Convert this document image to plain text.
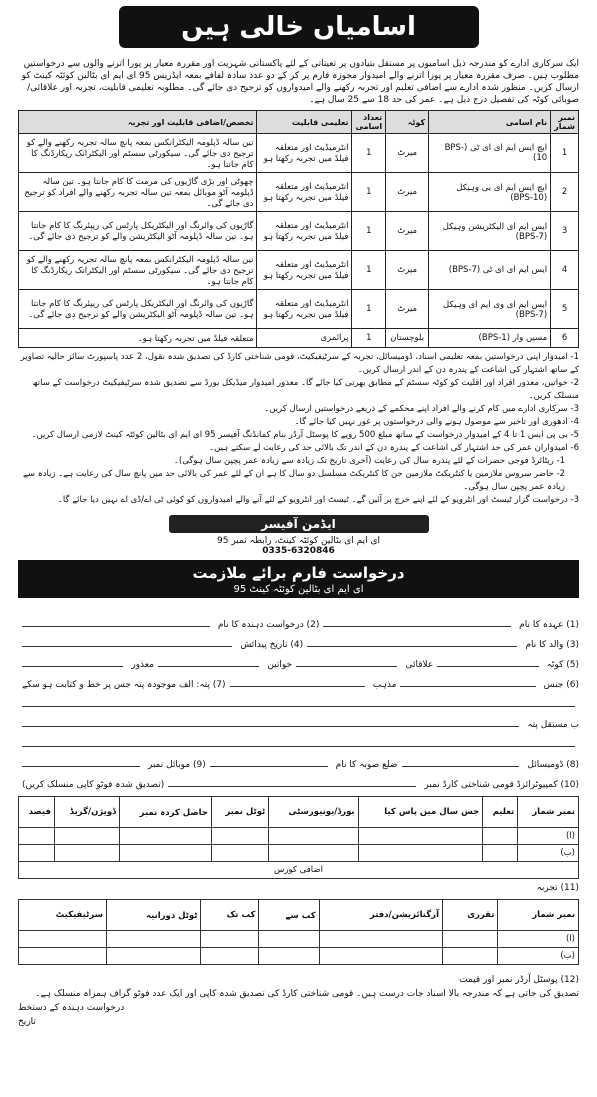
اسامیاں خالی ہیں
ایک سرکاری ادارے کو مندرجہ ذیل اسامیوں پر مستقل بنیادوں پر تعیناتی کے لئے پاکستانی شہریت اور مقررہ معیار پر پورا اترنے والوں سے درخواستیں مطلوب ہیں۔ صرف مقررہ معیار پر پورا اترنے والے امیدوار مجوزہ فارم پر کر کے دو عدد سادہ لفافے بمعہ ایڈریس 95 ای ایم ای بٹالین کوئٹہ کینٹ کو ارسال کریں۔ منظور شدہ ادارے سے اضافی تعلیم اور تجربہ رکھنے والے امیدواروں کو ترجیح دی جائے گی۔ مطلوبہ تعلیمی قابلیت، تجربہ اور علاقائی/صوبائی کوٹہ کی تفصیل درج ذیل ہے۔ عمر کی حد 18 سے 25 سال ہے۔
نمبر شمار	نام اسامی	کوٹہ	تعداد اسامی	تعلیمی قابلیت	تخصص/اضافی قابلیت اور تجربہ
1	ایچ ایس ایم ای ای ٹی (BPS-10)	میرٹ	1	انٹرمیڈیٹ اور متعلقہ فیلڈ میں تجربہ رکھتا ہو	تین سالہ ڈپلومہ الیکٹرانکس بمعہ پانچ سالہ تجربہ رکھنے والے کو ترجیح دی جائے گی۔ سیکورٹی سسٹم اور الیکٹرانک ریکارڈنگ کا کام جانتا ہو۔
2	ایچ ایس ایم ای بی وہیکل (BPS-10)	میرٹ	1	انٹرمیڈیٹ اور متعلقہ فیلڈ میں تجربہ رکھتا ہو	چھوٹی اور بڑی گاڑیوں کی مرمت کا کام جانتا ہو۔ تین سالہ ڈپلومہ آٹو موبائل بمعہ تین سالہ تجربہ رکھنے والے افراد کو ترجیح دی جائے گی۔
3	ایس ایم ای الیکٹریشن وہیکل (BPS-7)	میرٹ	1	انٹرمیڈیٹ اور متعلقہ فیلڈ میں تجربہ رکھتا ہو	گاڑیوں کی وائرنگ اور الیکٹریکل پارٹس کی ریپئرنگ کا کام جانتا ہو۔ تین سالہ ڈپلومہ آٹو الیکٹریشن والے کو ترجیح دی جائے گی۔
4	ایس ایم ای ای ٹی (BPS-7)	میرٹ	1	انٹرمیڈیٹ اور متعلقہ فیلڈ میں تجربہ رکھتا ہو	تین سالہ ڈپلومہ الیکٹرانکس بمعہ پانچ سالہ تجربہ رکھنے والے کو ترجیح دی جائے گی۔ سیکورٹی سسٹم اور الیکٹرانک ریکارڈنگ کا کام جانتا ہو۔
5	ایس ایم ای وی ایم ای وہیکل (BPS-7)	میرٹ	1	انٹرمیڈیٹ اور متعلقہ فیلڈ میں تجربہ رکھتا ہو	گاڑیوں کی وائرنگ اور الیکٹریکل پارٹس کی ریپئرنگ کا کام جانتا ہو۔ تین سالہ ڈپلومہ آٹو الیکٹریشن والے کو ترجیح دی جائے گی۔
6	مسیں وار (BPS-1)	بلوچستان	1	پرائمری	متعلقہ فیلڈ میں تجربہ رکھتا ہو۔

1- امیدوار اپنی درخواستیں بمعہ تعلیمی اسناد، ڈومیسائل، تجربہ کے سرٹیفیکیٹ، قومی شناختی کارڈ کی تصدیق شدہ نقول، 2 عدد پاسپورٹ سائز حالیہ تصاویر کے ساتھ اشتہار کی اشاعت کے پندرہ دن کے اندر ارسال کریں۔

2- خواتین، معذور افراد اور اقلیت کو کوٹہ سسٹم کے مطابق بھرتی کیا جائے گا۔ معذور امیدوار میڈیکل بورڈ سے تصدیق شدہ سرٹیفیکیٹ درخواست کے ساتھ منسلک کریں۔

3- سرکاری ادارے میں کام کرنے والے افراد اپنے محکمے کے ذریعے درخواستیں ارسال کریں۔

4- ادھوری اور تاخیر سے موصول ہونے والی درخواستوں پر غور نہیں کیا جائے گا۔

5- بی پی ایس 1 تا 4 کے امیدوار درخواست کے ساتھ مبلغ 500 روپے کا پوسٹل آرڈر بنام کمانڈنگ آفیسر 95 ای ایم ای بٹالین کوئٹہ کینٹ لازمی ارسال کریں۔

6- امیدواران عمر کی حد اشتہار کی اشاعت کے پندرہ دن کے اندر تک بالائی حد کی رعایت لے سکتے ہیں۔

1- ریٹائرڈ فوجی حضرات کے لئے پندرہ سال کی رعایت (آخری تاریخ تک زیادہ سے زیادہ عمر پچپن سال ہوگی)۔

2- حاضر سروس ملازمین یا کنٹریکٹ ملازمین جن کا کنٹریکٹ مسلسل دو سال کا ہے ان کے لئے عمر کی بالائی حد میں پانچ سال کی رعایت ہے۔ زیادہ سے زیادہ عمر پچپن سال ہوگی۔

3- درخواست گزار ٹیسٹ اور انٹرویو کے لئے اپنے خرچ پر آئیں گے۔ ٹیسٹ اور انٹرویو کے لئے آنے والے امیدواروں کو کوئی ٹی اے/ڈی اے نہیں دیا جائے گا۔

ایڈمن آفیسر
95 ای ایم ای بٹالین کوئٹہ کینٹ، رابطہ نمبر
0335-6320846
درخواست فارم برائے ملازمت
95 ای ایم ای بٹالین کوئٹہ کینٹ
(1) عہدہ کا نام
(2) درخواست دہندہ کا نام
(3) والد کا نام
(4) تاریخ پیدائش
(5) کوٹہ
علاقائی
خواتین
معذور
(6) جنس
مذہب
(7) پتہ: الف موجودہ پتہ جس پر خط و کتابت ہو سکے
ب مستقل پتہ
(8) ڈومیسائل
ضلع صوبہ کا نام
(9) موبائل نمبر
(10) کمپیوٹرائزڈ قومی شناختی کارڈ نمبر
(تصدیق شدہ فوٹو کاپی منسلک کریں)
نمبر شمار	تعلیم	جس سال میں پاس کیا	بورڈ/یونیورسٹی	ٹوٹل نمبر	حاصل کردہ نمبر	ڈویژن/گریڈ	فیصد
(ا)							
(ب)							
اضافی کورس							
(11) تجربہ
نمبر شمار	تقرری	آرگنائزیشن/دفتر	کب سے	کب تک	ٹوٹل دورانیہ	سرٹیفیکیٹ
(ا)						
(ب)						
(12) پوسٹل آرڈر نمبر اور قیمت
تصدیق کی جاتی ہے کہ مندرجہ بالا اسناد جات درست ہیں۔ قومی شناختی کارڈ کی تصدیق شدہ کاپی اور ایک عدد فوٹو گراف ہمراہ منسلک ہے۔
درخواست دہندہ کے دستخط
تاریخ
